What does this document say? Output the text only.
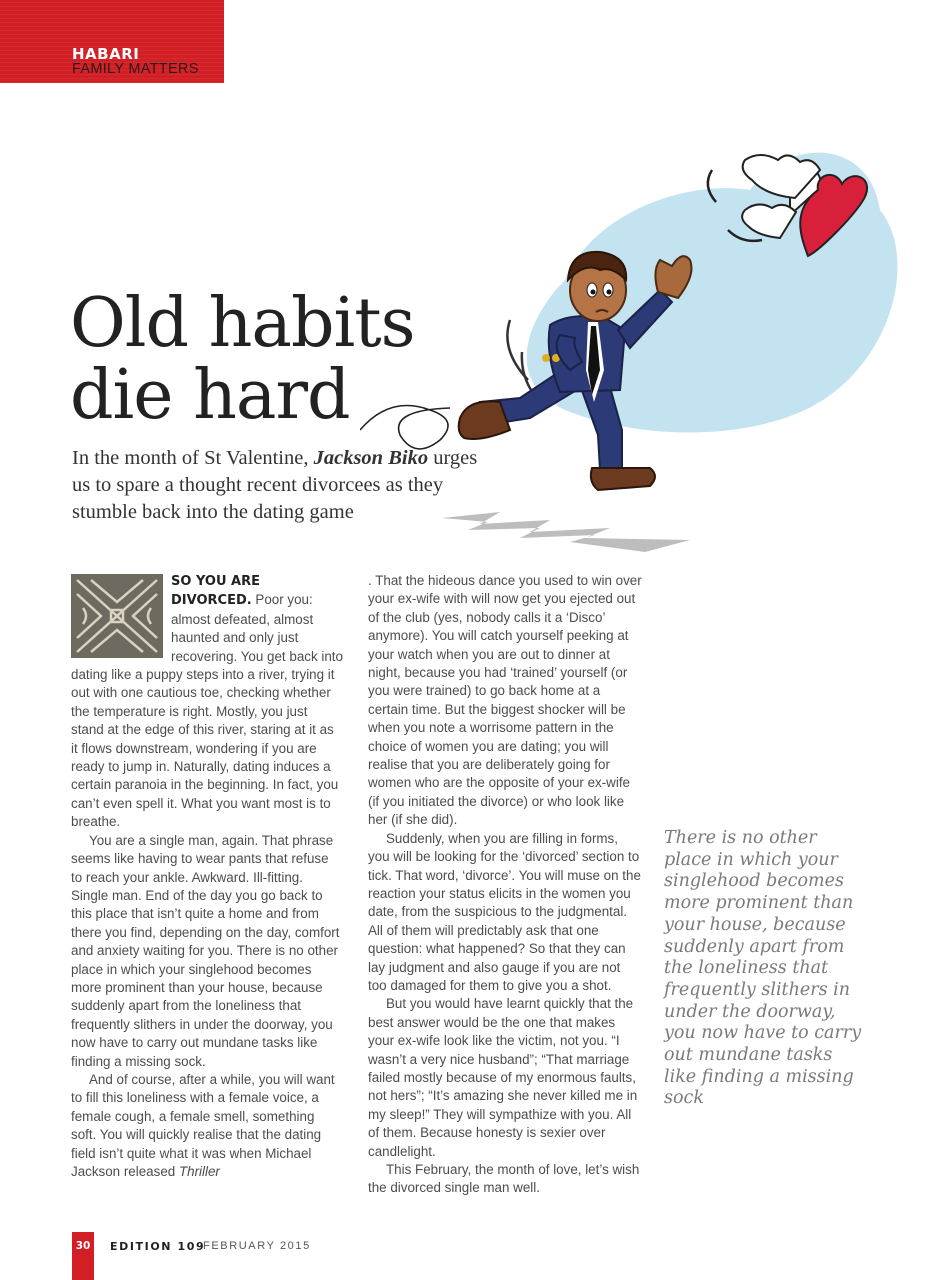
HABARI
FAMILY MATTERS
Old habits
die hard

In the month of St Valentine, Jackson Biko urges us to spare a thought recent divorcees as they stumble back into the dating game

SO YOU ARE DIVORCED. Poor you: almost defeated, almost haunted and only just recovering. You get back into dating like a puppy steps into a river, trying it out with one cautious toe, checking whether the temperature is right. Mostly, you just stand at the edge of this river, staring at it as it flows downstream, wondering if you are ready to jump in. Naturally, dating induces a certain paranoia in the beginning. In fact, you can’t even spell it. What you want most is to breathe.

You are a single man, again. That phrase seems like having to wear pants that refuse to reach your ankle. Awkward. Ill-fitting. Single man. End of the day you go back to this place that isn’t quite a home and from there you find, depending on the day, comfort and anxiety waiting for you. There is no other place in which your singlehood becomes more prominent than your house, because suddenly apart from the loneliness that frequently slithers in under the doorway, you now have to carry out mundane tasks like finding a missing sock.

And of course, after a while, you will want to fill this loneliness with a female voice, a female cough, a female smell, something soft. You will quickly realise that the dating field isn’t quite what it was when Michael Jackson released Thriller

. That the hideous dance you used to win over your ex-wife with will now get you ejected out of the club (yes, nobody calls it a ‘Disco’ anymore). You will catch yourself peeking at your watch when you are out to dinner at night, because you had ‘trained’ yourself (or you were trained) to go back home at a certain time. But the biggest shocker will be when you note a worrisome pattern in the choice of women you are dating; you will realise that you are deliberately going for women who are the opposite of your ex-wife (if you initiated the divorce) or who look like her (if she did).

Suddenly, when you are filling in forms, you will be looking for the ‘divorced’ section to tick. That word, ‘divorce’. You will muse on the reaction your status elicits in the women you date, from the suspicious to the judgmental. All of them will predictably ask that one question: what happened? So that they can lay judgment and also gauge if you are not too damaged for them to give you a shot.

But you would have learnt quickly that the best answer would be the one that makes your ex-wife look like the victim, not you. “I wasn’t a very nice husband”; “That marriage failed mostly because of my enormous faults, not hers”; “It’s amazing she never killed me in my sleep!” They will sympathize with you. All of them. Because honesty is sexier over candlelight.

This February, the month of love, let’s wish the divorced single man well.

There is no other place in which your singlehood becomes more prominent than your house, because suddenly apart from the loneliness that frequently slithers in under the doorway, you now have to carry out mundane tasks like finding a missing sock

30	EDITION 109
FEBRUARY 2015
